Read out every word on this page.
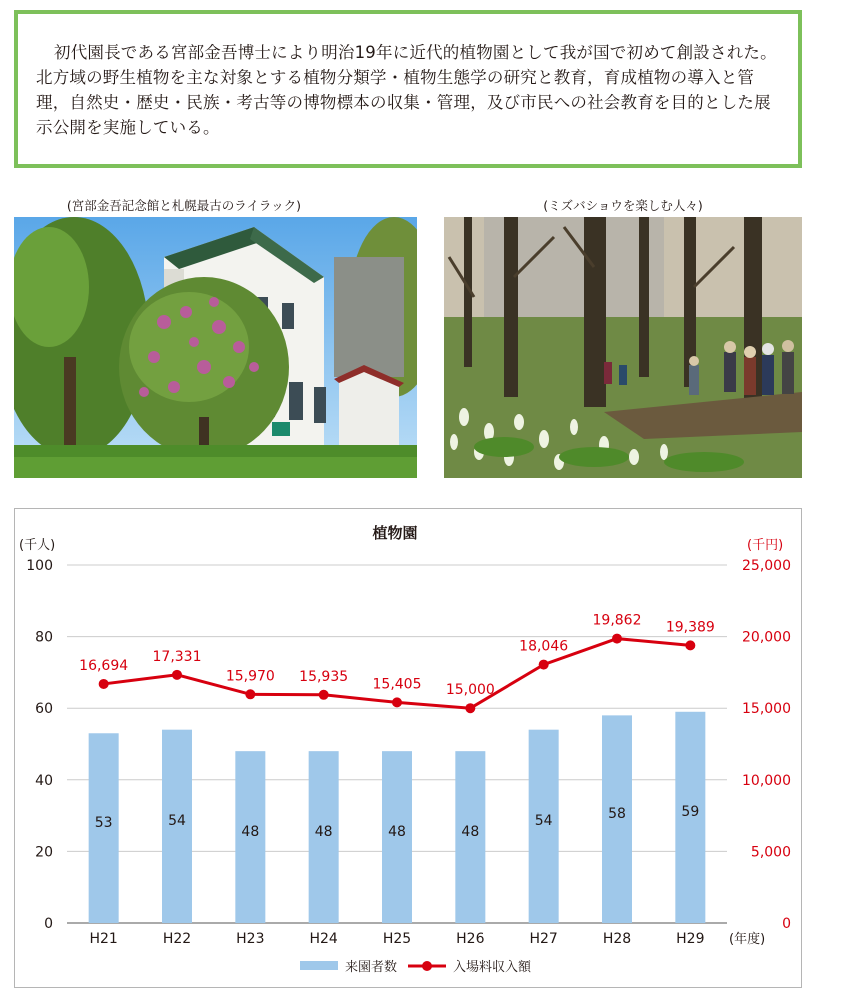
初代園長である宮部金吾博士により明治19年に近代的植物園として我が国で初めて創設された。北方域の野生植物を主な対象とする植物分類学・植物生態学の研究と教育，育成植物の導入と管理，自然史・歴史・民族・考古等の博物標本の収集・管理，及び市民への社会教育を目的とした展示公開を実施している。

(宮部金吾記念館と札幌最古のライラック)	(ミズバショウを楽しむ人々)
植物園
(千人)	(千円)
53	54
48	48	48	48
54	58	59
16,694
17,331
15,970 15,935 15,405 15,000
18,046
19,862 19,389
0
20
40
60
80
100
0
5,000
10,000
15,000
20,000
25,000
H21	H22	H23	H24	H25	H26	H27	H28	H29 (年度)
来園者数	入場料収入額
